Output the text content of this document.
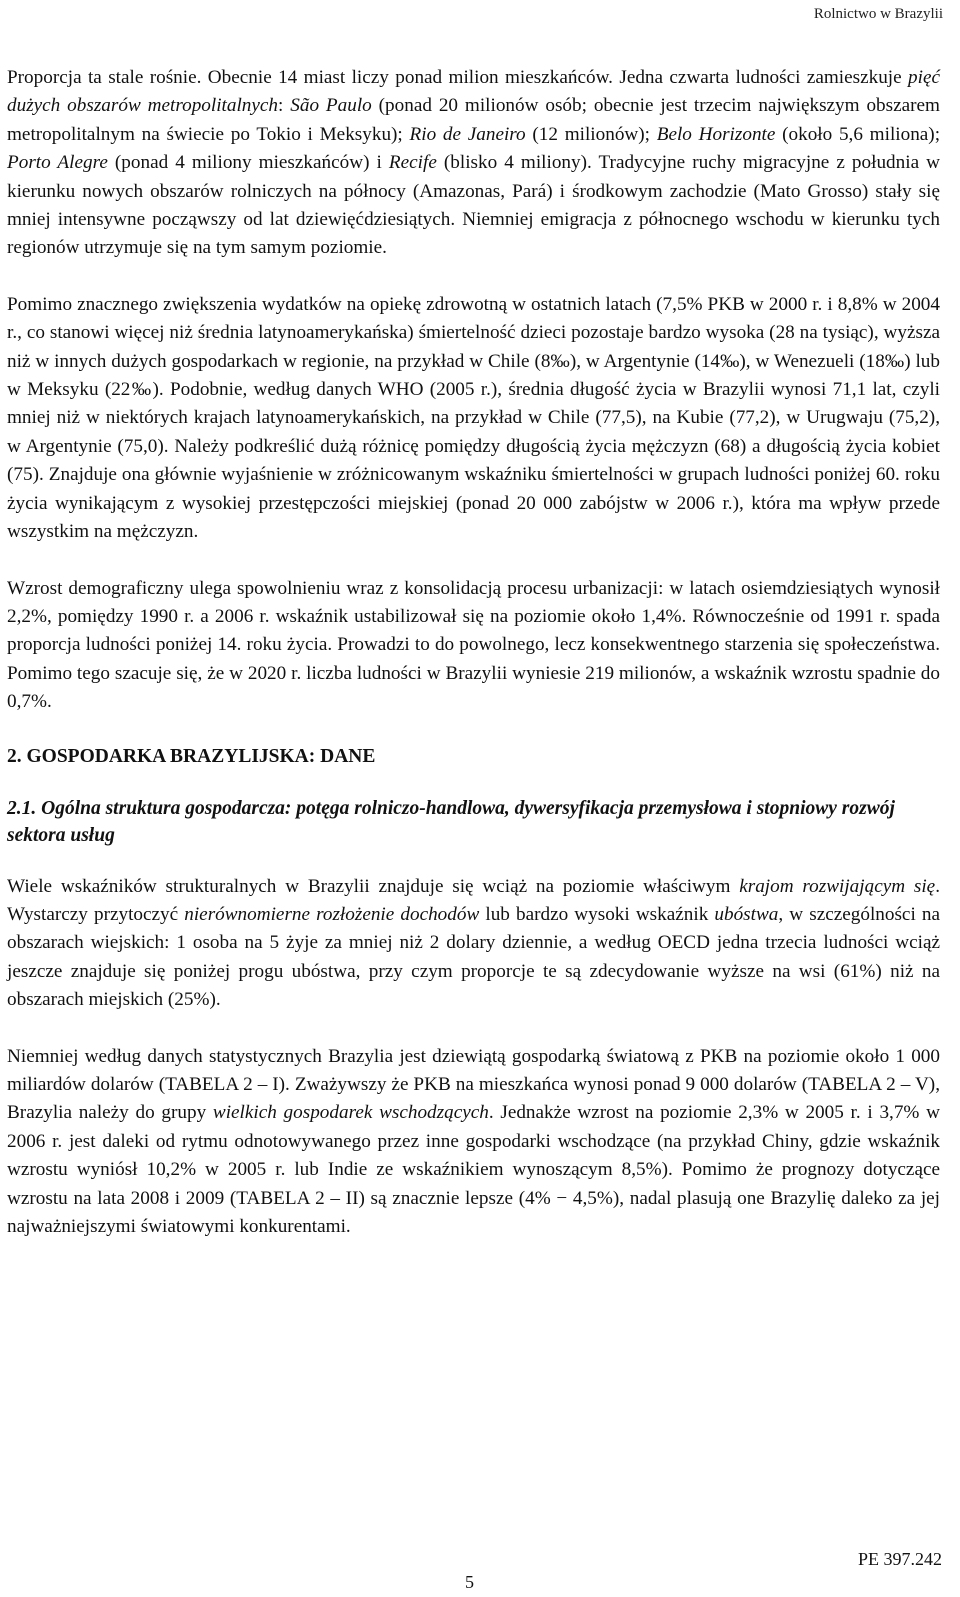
Rolnictwo w Brazylii

Proporcja ta stale rośnie. Obecnie 14 miast liczy ponad milion mieszkańców. Jedna czwarta ludności zamieszkuje pięć dużych obszarów metropolitalnych: São Paulo (ponad 20 milionów osób; obecnie jest trzecim największym obszarem metropolitalnym na świecie po Tokio i Meksyku); Rio de Janeiro (12 milionów); Belo Horizonte (około 5,6 miliona); Porto Alegre (ponad 4 miliony mieszkańców) i Recife (blisko 4 miliony). Tradycyjne ruchy migracyjne z południa w kierunku nowych obszarów rolniczych na północy (Amazonas, Pará) i środkowym zachodzie (Mato Grosso) stały się mniej intensywne począwszy od lat dziewięćdziesiątych. Niemniej emigracja z północnego wschodu w kierunku tych regionów utrzymuje się na tym samym poziomie.

Pomimo znacznego zwiększenia wydatków na opiekę zdrowotną w ostatnich latach (7,5% PKB w 2000 r. i 8,8% w 2004 r., co stanowi więcej niż średnia latynoamerykańska) śmiertelność dzieci pozostaje bardzo wysoka (28 na tysiąc), wyższa niż w innych dużych gospodarkach w regionie, na przykład w Chile (8‰), w Argentynie (14‰), w Wenezueli (18‰) lub w Meksyku (22‰). Podobnie, według danych WHO (2005 r.), średnia długość życia w Brazylii wynosi 71,1 lat, czyli mniej niż w niektórych krajach latynoamerykańskich, na przykład w Chile (77,5), na Kubie (77,2), w Urugwaju (75,2), w Argentynie (75,0). Należy podkreślić dużą różnicę pomiędzy długością życia mężczyzn (68) a długością życia kobiet (75). Znajduje ona głównie wyjaśnienie w zróżnicowanym wskaźniku śmiertelności w grupach ludności poniżej 60. roku życia wynikającym z wysokiej przestępczości miejskiej (ponad 20 000 zabójstw w 2006 r.), która ma wpływ przede wszystkim na mężczyzn.

Wzrost demograficzny ulega spowolnieniu wraz z konsolidacją procesu urbanizacji: w latach osiemdziesiątych wynosił 2,2%, pomiędzy 1990 r. a 2006 r. wskaźnik ustabilizował się na poziomie około 1,4%. Równocześnie od 1991 r. spada proporcja ludności poniżej 14. roku życia. Prowadzi to do powolnego, lecz konsekwentnego starzenia się społeczeństwa. Pomimo tego szacuje się, że w 2020 r. liczba ludności w Brazylii wyniesie 219 milionów, a wskaźnik wzrostu spadnie do 0,7%.

2. GOSPODARKA BRAZYLIJSKA: DANE
2.1. Ogólna struktura gospodarcza: potęga rolniczo-handlowa, dywersyfikacja przemysłowa i stopniowy rozwój sektora usług

Wiele wskaźników strukturalnych w Brazylii znajduje się wciąż na poziomie właściwym krajom rozwijającym się. Wystarczy przytoczyć nierównomierne rozłożenie dochodów lub bardzo wysoki wskaźnik ubóstwa, w szczególności na obszarach wiejskich: 1 osoba na 5 żyje za mniej niż 2 dolary dziennie, a według OECD jedna trzecia ludności wciąż jeszcze znajduje się poniżej progu ubóstwa, przy czym proporcje te są zdecydowanie wyższe na wsi (61%) niż na obszarach miejskich (25%).

Niemniej według danych statystycznych Brazylia jest dziewiątą gospodarką światową z PKB na poziomie około 1 000 miliardów dolarów (TABELA 2 – I). Zważywszy że PKB na mieszkańca wynosi ponad 9 000 dolarów (TABELA 2 – V), Brazylia należy do grupy wielkich gospodarek wschodzących. Jednakże wzrost na poziomie 2,3% w 2005 r. i 3,7% w 2006 r. jest daleki od rytmu odnotowywanego przez inne gospodarki wschodzące (na przykład Chiny, gdzie wskaźnik wzrostu wyniósł 10,2% w 2005 r. lub Indie ze wskaźnikiem wynoszącym 8,5%). Pomimo że prognozy dotyczące wzrostu na lata 2008 i 2009 (TABELA 2 – II) są znacznie lepsze (4% − 4,5%), nadal plasują one Brazylię daleko za jej najważniejszymi światowymi konkurentami.

PE 397.242
5
